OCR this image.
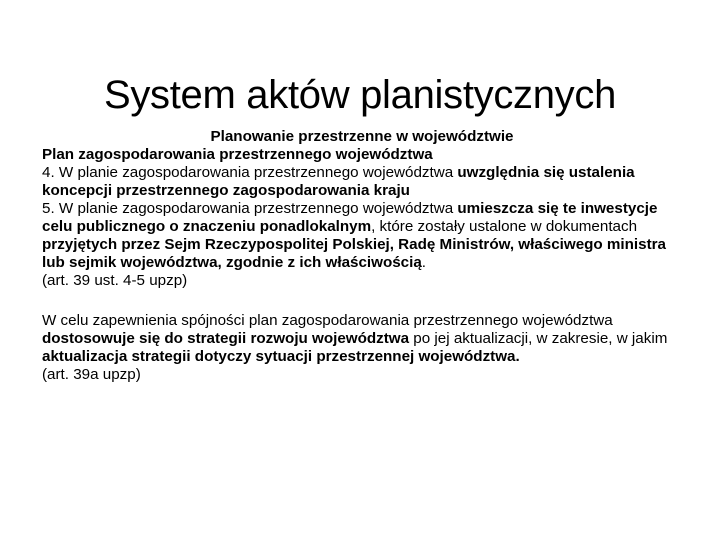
System aktów planistycznych

Planowanie przestrzenne w województwie

Plan zagospodarowania przestrzennego województwa

4. W planie zagospodarowania przestrzennego województwa uwzględnia się ustalenia koncepcji przestrzennego zagospodarowania kraju

5. W planie zagospodarowania przestrzennego województwa umieszcza się te inwestycje celu publicznego o znaczeniu ponadlokalnym, które zostały ustalone w dokumentach przyjętych przez Sejm Rzeczypospolitej Polskiej, Radę Ministrów, właściwego ministra lub sejmik województwa, zgodnie z ich właściwością.

(art. 39 ust. 4-5 upzp)

W celu zapewnienia spójności plan zagospodarowania przestrzennego województwa dostosowuje się do strategii rozwoju województwa po jej aktualizacji, w zakresie, w jakim aktualizacja strategii dotyczy sytuacji przestrzennej województwa.

(art. 39a upzp)
